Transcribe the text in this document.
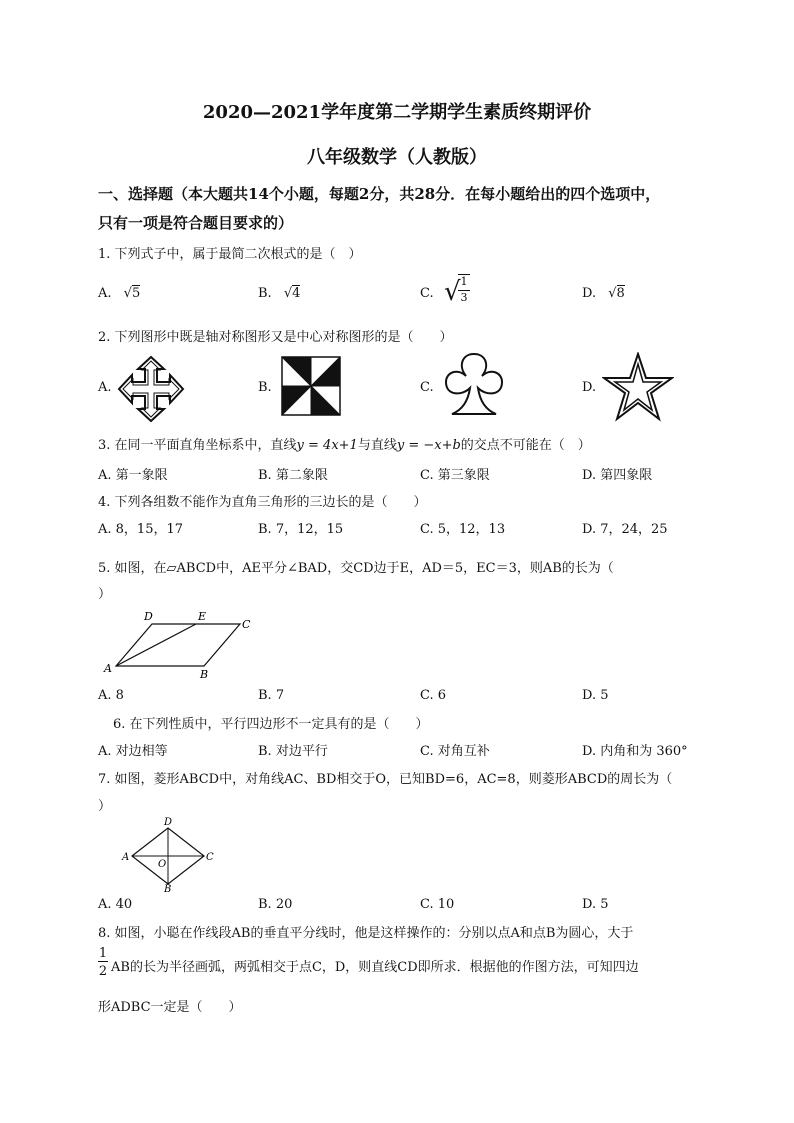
2020—2021学年度第二学期学生素质终期评价
八年级数学（人教版）
一、选择题（本大题共14个小题，每题2分，共28分．在每小题给出的四个选项中，
只有一项是符合题目要求的）
1. 下列式子中，属于最简二次根式的是（　）
A. √5	B. √4	C. √ 1
3	D. √8
2. 下列图形中既是轴对称图形又是中心对称图形的是（　　）
A.	B.	C.	D.
3. 在同一平面直角坐标系中，直线y = 4x+1与直线y = −x+b的交点不可能在（　）
A. 第一象限	B. 第二象限	C. 第三象限	D. 第四象限
4. 下列各组数不能作为直角三角形的三边长的是（　　）
A. 8，15，17	B. 7，12，15	C. 5，12，13	D. 7，24，25
5. 如图，在▱ABCD中，AE平分∠BAD，交CD边于E，AD＝5，EC＝3，则AB的长为（
）
D	E
C
A	B
A. 8	B. 7	C. 6	D. 5
6. 在下列性质中，平行四边形不一定具有的是（　　）
A. 对边相等	B. 对边平行	C. 对角互补	D. 内角和为 360°
7. 如图，菱形ABCD中，对角线AC、BD相交于O，已知BD=6，AC=8，则菱形ABCD的周长为（
）
D
A
O
C
B
A. 40	B. 20	C. 10	D. 5
8. 如图，小聪在作线段AB的垂直平分线时，他是这样操作的：分别以点A和点B为圆心，大于
1
2 AB的长为半径画弧，两弧相交于点C，D，则直线CD即所求．根据他的作图方法，可知四边
形ADBC一定是（　　）
